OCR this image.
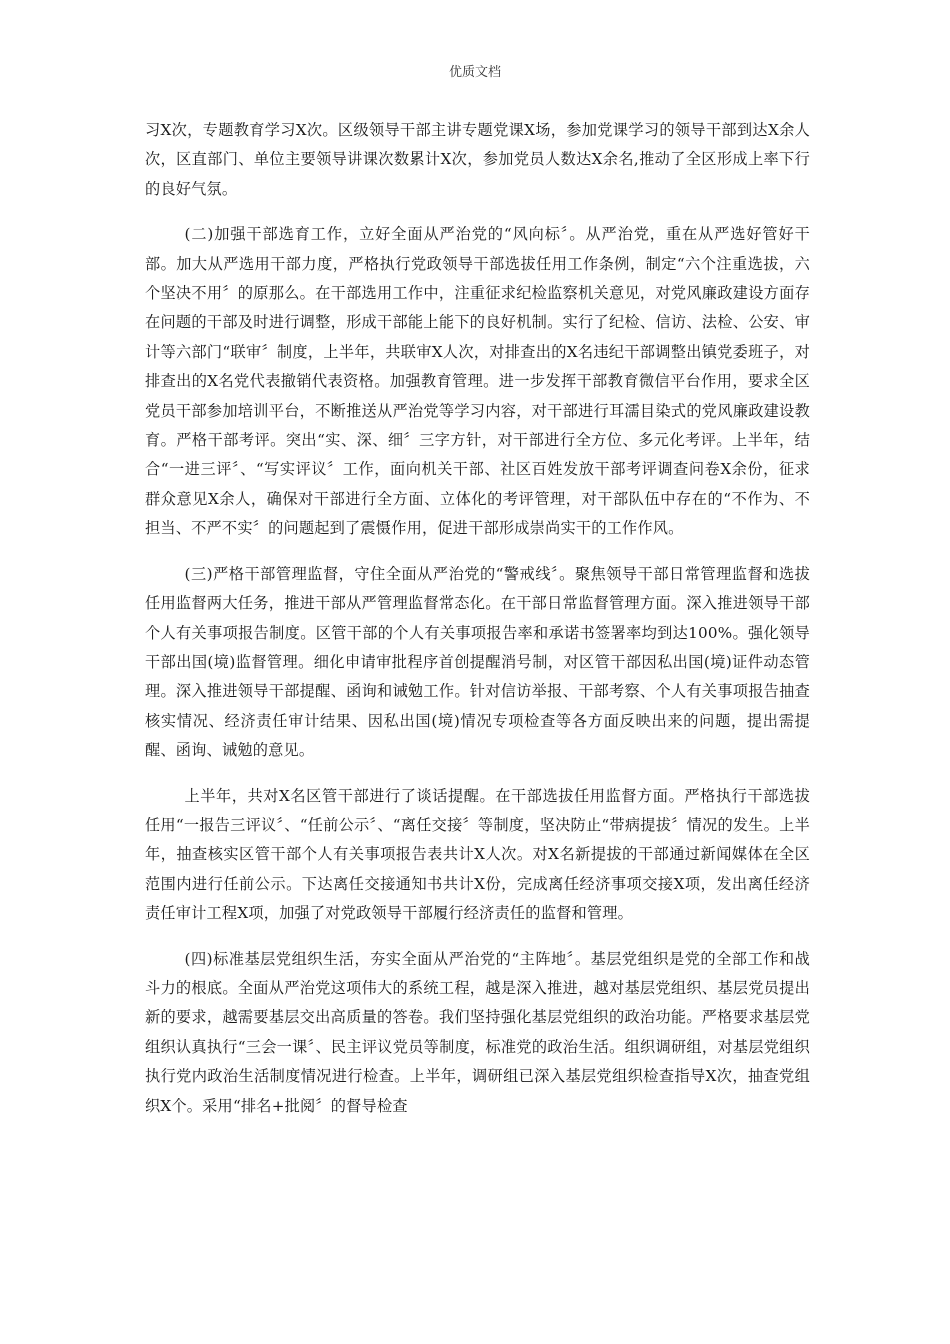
优质文档

习X次，专题教育学习X次。区级领导干部主讲专题党课X场，参加党课学习的领导干部到达X余人次，区直部门、单位主要领导讲课次数累计X次，参加党员人数达X余名,推动了全区形成上率下行的良好气氛。

(二)加强干部选育工作，立好全面从严治党的“风向标〞。从严治党，重在从严选好管好干部。加大从严选用干部力度，严格执行党政领导干部选拔任用工作条例，制定“六个注重选拔，六个坚决不用〞的原那么。在干部选用工作中，注重征求纪检监察机关意见，对党风廉政建设方面存在问题的干部及时进行调整，形成干部能上能下的良好机制。实行了纪检、信访、法检、公安、审计等六部门“联审〞制度，上半年，共联审X人次，对排查出的X名违纪干部调整出镇党委班子，对排查出的X名党代表撤销代表资格。加强教育管理。进一步发挥干部教育微信平台作用，要求全区党员干部参加培训平台，不断推送从严治党等学习内容，对干部进行耳濡目染式的党风廉政建设教育。严格干部考评。突出“实、深、细〞三字方针，对干部进行全方位、多元化考评。上半年，结合“一进三评〞、“写实评议〞工作，面向机关干部、社区百姓发放干部考评调查问卷X余份，征求群众意见X余人，确保对干部进行全方面、立体化的考评管理，对干部队伍中存在的“不作为、不担当、不严不实〞的问题起到了震慑作用，促进干部形成崇尚实干的工作作风。

(三)严格干部管理监督，守住全面从严治党的“警戒线〞。聚焦领导干部日常管理监督和选拔任用监督两大任务，推进干部从严管理监督常态化。在干部日常监督管理方面。深入推进领导干部个人有关事项报告制度。区管干部的个人有关事项报告率和承诺书签署率均到达100%。强化领导干部出国(境)监督管理。细化申请审批程序首创提醒消号制，对区管干部因私出国(境)证件动态管理。深入推进领导干部提醒、函询和诫勉工作。针对信访举报、干部考察、个人有关事项报告抽查核实情况、经济责任审计结果、因私出国(境)情况专项检查等各方面反映出来的问题，提出需提醒、函询、诫勉的意见。

上半年，共对X名区管干部进行了谈话提醒。在干部选拔任用监督方面。严格执行干部选拔任用“一报告三评议〞、“任前公示〞、“离任交接〞等制度，坚决防止“带病提拔〞情况的发生。上半年，抽查核实区管干部个人有关事项报告表共计X人次。对X名新提拔的干部通过新闻媒体在全区范围内进行任前公示。下达离任交接通知书共计X份，完成离任经济事项交接X项，发出离任经济责任审计工程X项，加强了对党政领导干部履行经济责任的监督和管理。

(四)标准基层党组织生活，夯实全面从严治党的“主阵地〞。基层党组织是党的全部工作和战斗力的根底。全面从严治党这项伟大的系统工程，越是深入推进，越对基层党组织、基层党员提出新的要求，越需要基层交出高质量的答卷。我们坚持强化基层党组织的政治功能。严格要求基层党组织认真执行“三会一课〞、民主评议党员等制度，标准党的政治生活。组织调研组，对基层党组织执行党内政治生活制度情况进行检查。上半年，调研组已深入基层党组织检查指导X次，抽查党组织X个。采用“排名+批阅〞的督导检查
